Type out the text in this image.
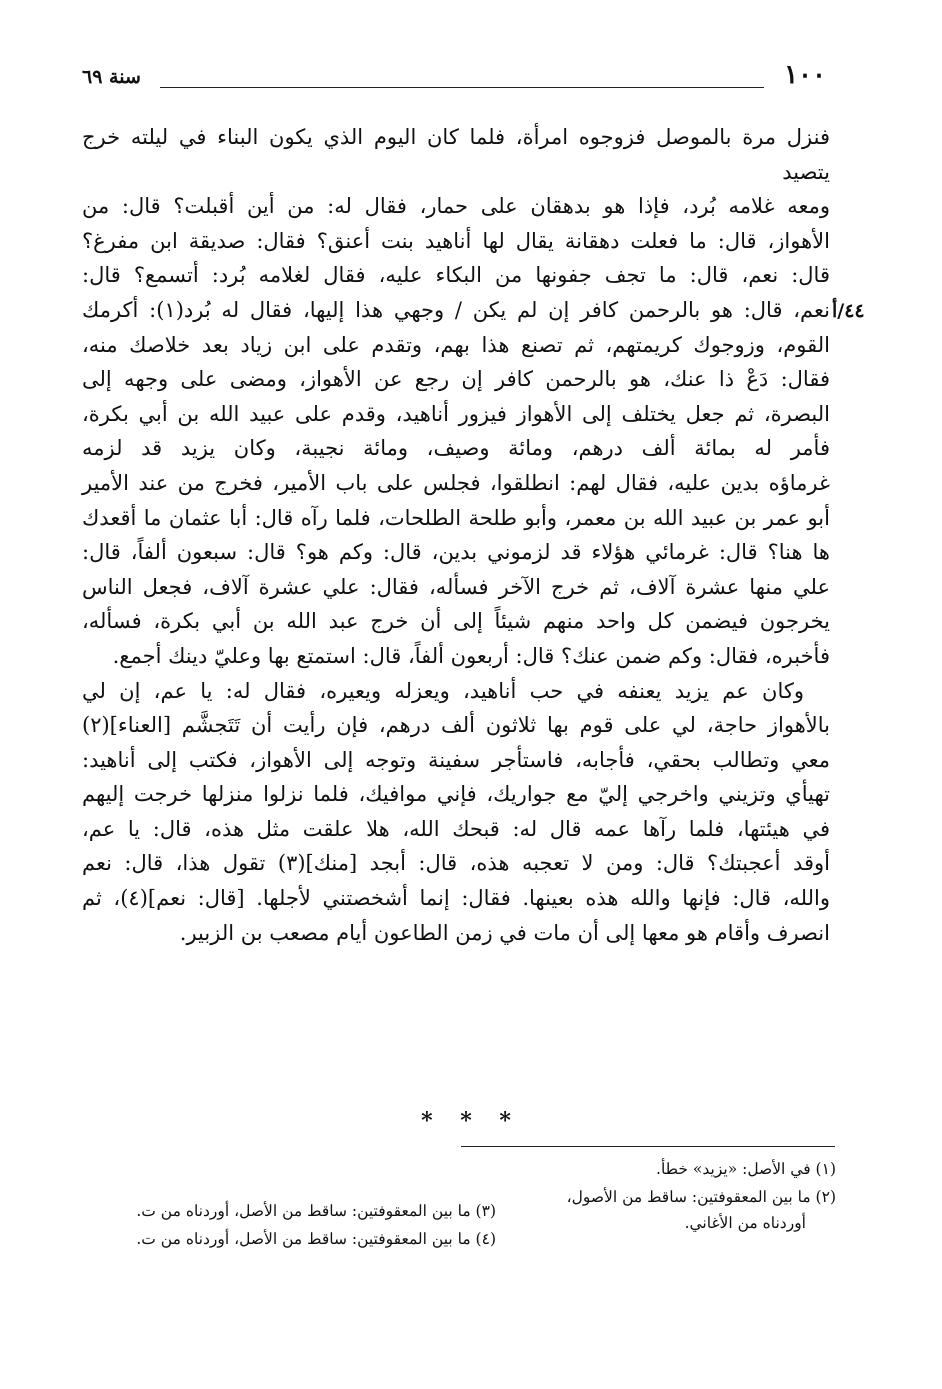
١٠٠
سنة ٦٩
٤٤/أ
فنزل مرة بالموصل فزوجوه امرأة، فلما كان اليوم الذي يكون البناء في ليلته خرج يتصيد
ومعه غلامه بُرد، فإذا هو بدهقان على حمار، فقال له: من أين أقبلت؟ قال: من
الأهواز، قال: ما فعلت دهقانة يقال لها أناهيد بنت أعنق؟ فقال: صديقة ابن مفرغ؟
قال: نعم، قال: ما تجف جفونها من البكاء عليه، فقال لغلامه بُرد: أتسمع؟ قال:
نعم، قال: هو بالرحمن كافر إن لم يكن / وجهي هذا إليها، فقال له بُرد(١): أكرمك
القوم، وزوجوك كريمتهم، ثم تصنع هذا بهم، وتقدم على ابن زياد بعد خلاصك منه،
فقال: دَعْ ذا عنك، هو بالرحمن كافر إن رجع عن الأهواز، ومضى على وجهه إلى
البصرة، ثم جعل يختلف إلى الأهواز فيزور أناهيد، وقدم على عبيد الله بن أبي بكرة،
فأمر له بمائة ألف درهم، ومائة وصيف، ومائة نجيبة، وكان يزيد قد لزمه
غرماؤه بدين عليه، فقال لهم: انطلقوا، فجلس على باب الأمير، فخرج من عند الأمير
أبو عمر بن عبيد الله بن معمر، وأبو طلحة الطلحات، فلما رآه قال: أبا عثمان ما أقعدك
ها هنا؟ قال: غرمائي هؤلاء قد لزموني بدين، قال: وكم هو؟ قال: سبعون ألفاً، قال:
علي منها عشرة آلاف، ثم خرج الآخر فسأله، فقال: علي عشرة آلاف، فجعل الناس
يخرجون فيضمن كل واحد منهم شيئاً إلى أن خرج عبد الله بن أبي بكرة، فسأله،
فأخبره، فقال: وكم ضمن عنك؟ قال: أربعون ألفاً، قال: استمتع بها وعليّ دينك أجمع.
وكان عم يزيد يعنفه في حب أناهيد، ويعزله ويعيره، فقال له: يا عم، إن لي
بالأهواز حاجة، لي على قوم بها ثلاثون ألف درهم، فإن رأيت أن تَتَجشَّم [العناء](٢)
معي وتطالب بحقي، فأجابه، فاستأجر سفينة وتوجه إلى الأهواز، فكتب إلى أناهيد:
تهيأي وتزيني واخرجي إليّ مع جواريك، فإني موافيك، فلما نزلوا منزلها خرجت إليهم
في هيئتها، فلما رآها عمه قال له: قبحك الله، هلا علقت مثل هذه، قال: يا عم،
أوقد أعجبتك؟ قال: ومن لا تعجبه هذه، قال: أبجد [منك](٣) تقول هذا، قال: نعم
والله، قال: فإنها والله هذه بعينها. فقال: إنما أشخصتني لأجلها. [قال: نعم](٤)، ثم
انصرف وأقام هو معها إلى أن مات في زمن الطاعون أيام مصعب بن الزبير.
* * *
(١) في الأصل: «يزيد» خطأ.
(٢) ما بين المعقوفتين: ساقط من الأصول،
أوردناه من الأغاني.
(٣) ما بين المعقوفتين: ساقط من الأصل، أوردناه من ت.
(٤) ما بين المعقوفتين: ساقط من الأصل، أوردناه من ت.
